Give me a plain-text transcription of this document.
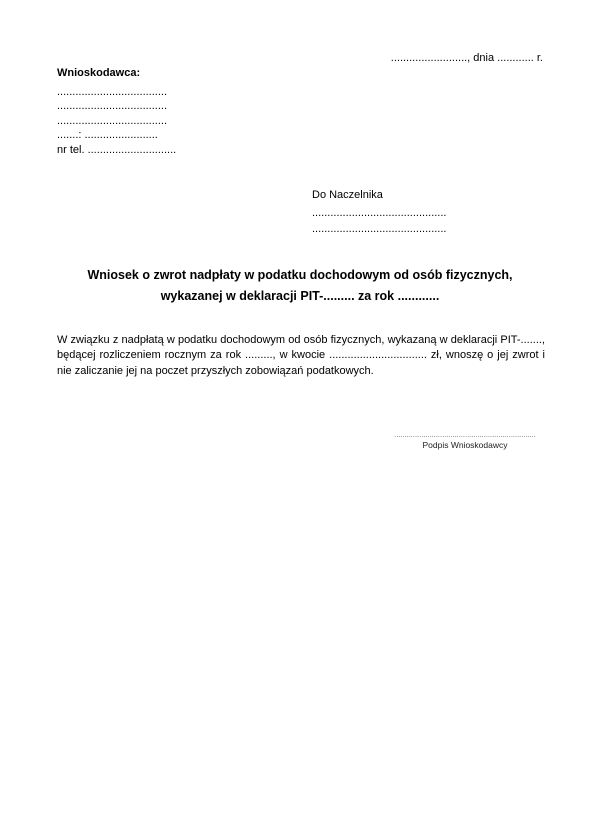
........................., dnia ............ r.
Wnioskodawca:
....................................
....................................
....................................
.......: ........................
nr tel. .............................
Do Naczelnika
............................................
............................................
Wniosek o zwrot nadpłaty w podatku dochodowym od osób fizycznych,
wykazanej w deklaracji PIT-......... za rok ............
W związku z nadpłatą w podatku dochodowym od osób fizycznych, wykazaną w deklaracji PIT-......., będącej rozliczeniem rocznym za rok ........., w kwocie ................................ zł, wnoszę o jej zwrot i nie zaliczanie jej na poczet przyszłych zobowiązań podatkowych.
....................................................................
Podpis Wnioskodawcy
